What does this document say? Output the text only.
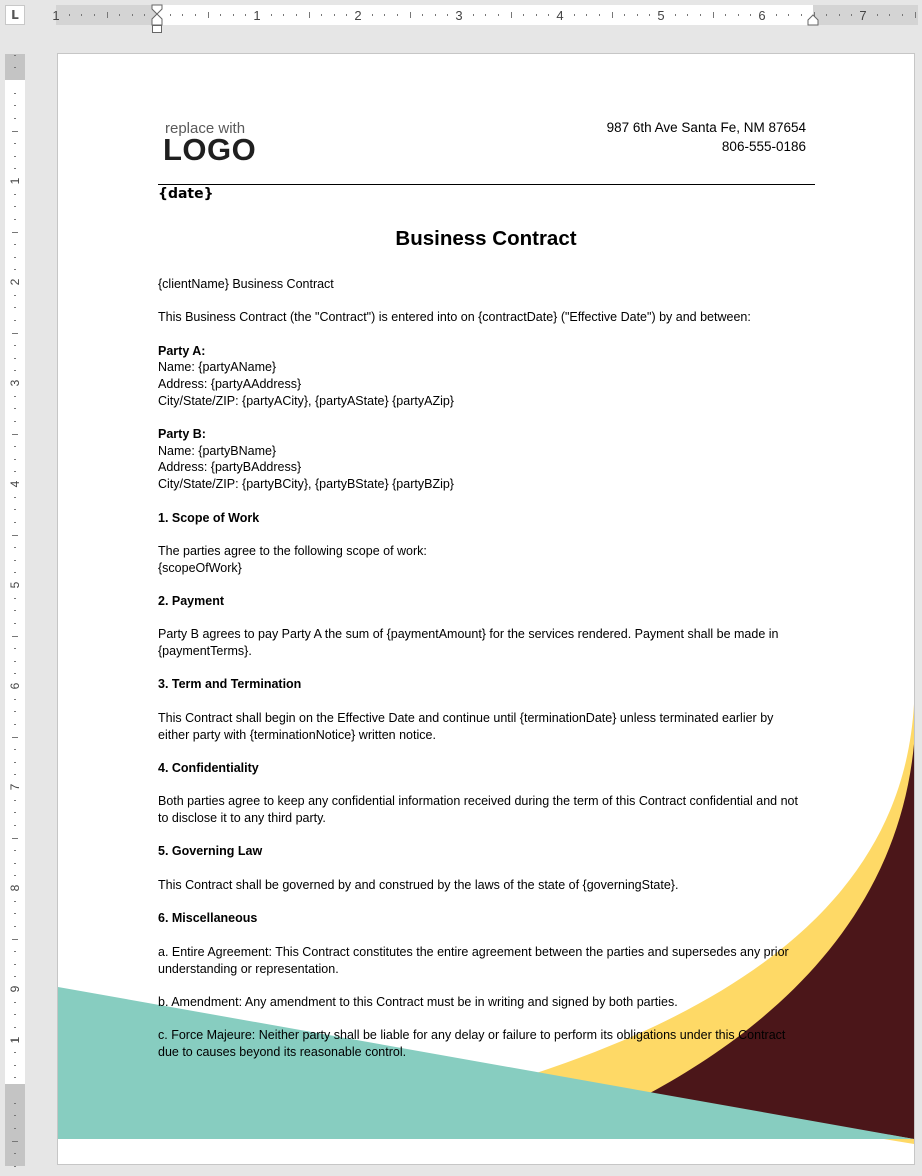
L	1	1	2	3	4	5	6	7
1
2
3
4
5
6
7
8
9
1
replace with
LOGO
987 6th Ave Santa Fe, NM 87654
806-555-0186
{date}
Business Contract
{clientName} Business Contract
This Business Contract (the "Contract") is entered into on {contractDate} ("Effective Date") by and between:
Party A:
Name: {partyAName}
Address: {partyAAddress}
City/State/ZIP: {partyACity}, {partyAState} {partyAZip}
Party B:
Name: {partyBName}
Address: {partyBAddress}
City/State/ZIP: {partyBCity}, {partyBState} {partyBZip}
1. Scope of Work
The parties agree to the following scope of work:
{scopeOfWork}
2. Payment
Party B agrees to pay Party A the sum of {paymentAmount} for the services rendered. Payment shall be made in
{paymentTerms}.
3. Term and Termination
This Contract shall begin on the Effective Date and continue until {terminationDate} unless terminated earlier by
either party with {terminationNotice} written notice.
4. Confidentiality
Both parties agree to keep any confidential information received during the term of this Contract confidential and not
to disclose it to any third party.
5. Governing Law
This Contract shall be governed by and construed by the laws of the state of {governingState}.
6. Miscellaneous
a. Entire Agreement: This Contract constitutes the entire agreement between the parties and supersedes any prior
understanding or representation.
b. Amendment: Any amendment to this Contract must be in writing and signed by both parties.
c. Force Majeure: Neither party shall be liable for any delay or failure to perform its obligations under this Contract
due to causes beyond its reasonable control.
